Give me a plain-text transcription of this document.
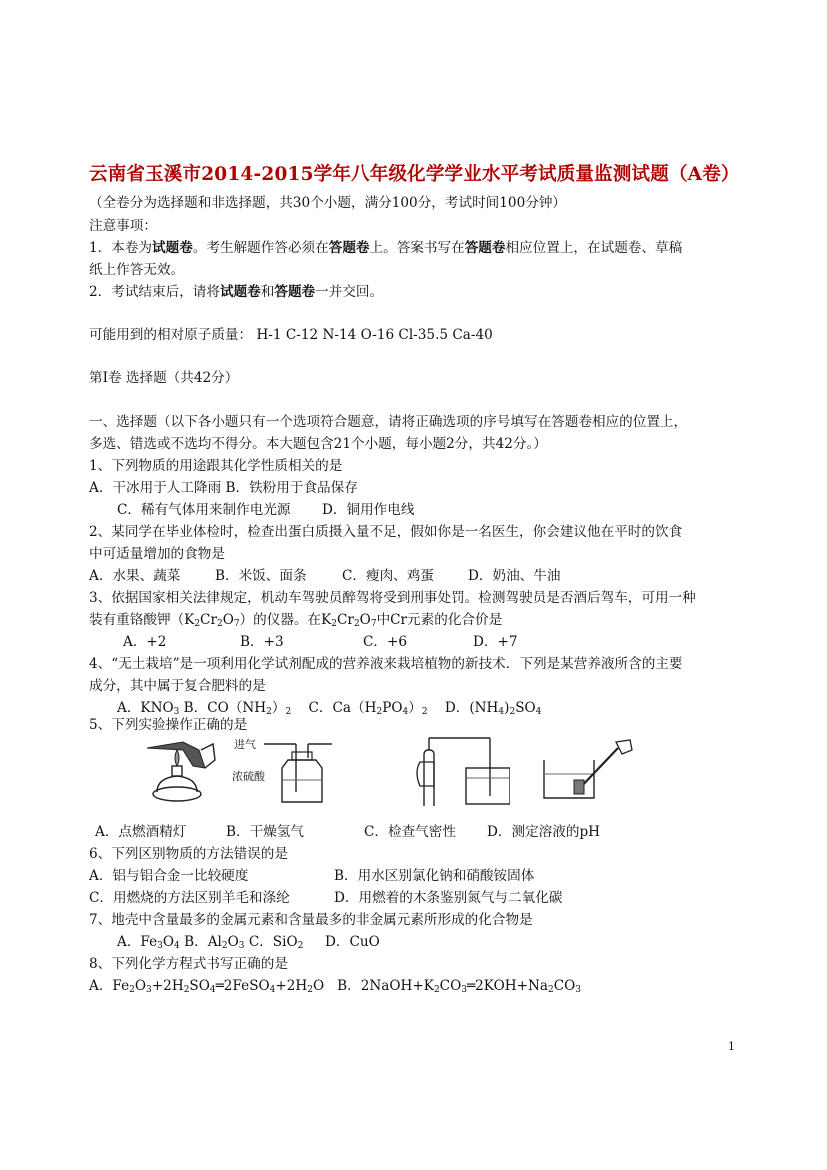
云南省玉溪市2014-2015学年八年级化学学业水平考试质量监测试题（A卷）
（全卷分为选择题和非选择题，共30个小题，满分100分，考试时间100分钟）
注意事项：
1．本卷为试题卷。考生解题作答必须在答题卷上。答案书写在答题卷相应位置上，在试题卷、草稿
纸上作答无效。
2．考试结束后，请将试题卷和答题卷一并交回。
可能用到的相对原子质量： H-1 C-12 N-14 O-16 Cl-35.5 Ca-40
第Ⅰ卷 选择题（共42分）
一、选择题（以下各小题只有一个选项符合题意，请将正确选项的序号填写在答题卷相应的位置上，
多选、错选或不选均不得分。本大题包含21个小题，每小题2分，共42分。）
1、下列物质的用途跟其化学性质相关的是
A．干冰用于人工降雨 B．铁粉用于食品保存
C．稀有气体用来制作电光源 D．铜用作电线
2、某同学在毕业体检时，检查出蛋白质摄入量不足，假如你是一名医生，你会建议他在平时的饮食
中可适量增加的食物是
A．水果、蔬菜	B．米饭、面条	C．瘦肉、鸡蛋	D．奶油、牛油
3、依据国家相关法律规定，机动车驾驶员醉驾将受到刑事处罚。检测驾驶员是否酒后驾车，可用一种
装有重铬酸钾$(K_2Cr_2O_7)$的仪器。在$K_2Cr_2O_7$中Cr元素的化合价是
A．+2	B．+3	C．+6	D．+7
4、“无土栽培”是一项利用化学试剂配成的营养液来栽培植物的新技术．下列是某营养液所含的主要
成分，其中属于复合肥料的是
A．$KNO_3$ B．$CO(NH_2)_2$ C．$Ca(H_2PO_4)_2$ D．$(NH_4)_2SO_4$
5、下列实验操作正确的是
进气
浓硫酸
A．点燃酒精灯	B．干燥氢气	C．检查气密性 D．测定溶液的pH
6、下列区别物质的方法错误的是
A．铝与铝合金一比较硬度	B．用水区别氯化钠和硝酸铵固体
C．用燃烧的方法区别羊毛和涤纶	D．用燃着的木条鉴别氮气与二氧化碳
7、地壳中含量最多的金属元素和含量最多的非金属元素所形成的化合物是
A．$Fe_3O_4$ B．$Al_2O_3$ C．SiO$_2$ D．CuO
8、下列化学方程式书写正确的是
A．$Fe_2O_3+2H_2SO_4═2FeSO_4+2H_2O$ B．$2NaOH+K_2CO_3═2KOH+Na_2CO_3$
1
